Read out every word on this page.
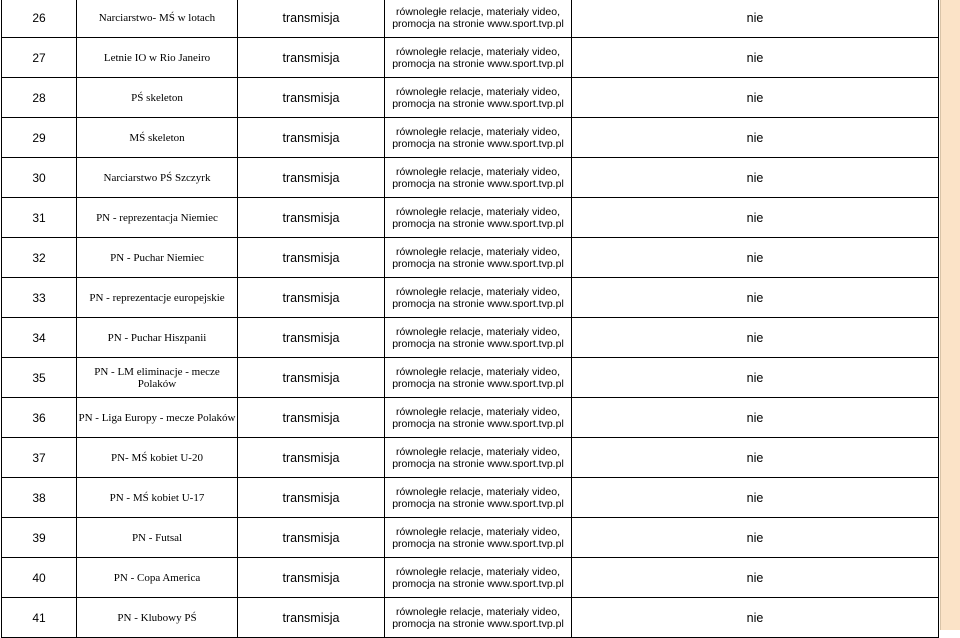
26	Narciarstwo- MŚ w lotach	transmisja	równoległe relacje, materiały video,
promocja na stronie www.sport.tvp.pl	nie
27	Letnie IO w Rio Janeiro	transmisja	równoległe relacje, materiały video,
promocja na stronie www.sport.tvp.pl	nie
28	PŚ skeleton	transmisja	równoległe relacje, materiały video,
promocja na stronie www.sport.tvp.pl	nie
29	MŚ skeleton	transmisja	równoległe relacje, materiały video,
promocja na stronie www.sport.tvp.pl	nie
30	Narciarstwo PŚ Szczyrk	transmisja	równoległe relacje, materiały video,
promocja na stronie www.sport.tvp.pl	nie
31	PN - reprezentacja Niemiec	transmisja	równoległe relacje, materiały video,
promocja na stronie www.sport.tvp.pl	nie
32	PN - Puchar Niemiec	transmisja	równoległe relacje, materiały video,
promocja na stronie www.sport.tvp.pl	nie
33	PN - reprezentacje europejskie	transmisja	równoległe relacje, materiały video,
promocja na stronie www.sport.tvp.pl	nie
34	PN - Puchar Hiszpanii	transmisja	równoległe relacje, materiały video,
promocja na stronie www.sport.tvp.pl	nie
35	PN - LM eliminacje - mecze Polaków	transmisja	równoległe relacje, materiały video,
promocja na stronie www.sport.tvp.pl	nie
36	PN - Liga Europy - mecze Polaków	transmisja	równoległe relacje, materiały video,
promocja na stronie www.sport.tvp.pl	nie
37	PN- MŚ kobiet U-20	transmisja	równoległe relacje, materiały video,
promocja na stronie www.sport.tvp.pl	nie
38	PN - MŚ kobiet U-17	transmisja	równoległe relacje, materiały video,
promocja na stronie www.sport.tvp.pl	nie
39	PN - Futsal	transmisja	równoległe relacje, materiały video,
promocja na stronie www.sport.tvp.pl	nie
40	PN - Copa America	transmisja	równoległe relacje, materiały video,
promocja na stronie www.sport.tvp.pl	nie
41	PN - Klubowy PŚ	transmisja	równoległe relacje, materiały video,
promocja na stronie www.sport.tvp.pl	nie
